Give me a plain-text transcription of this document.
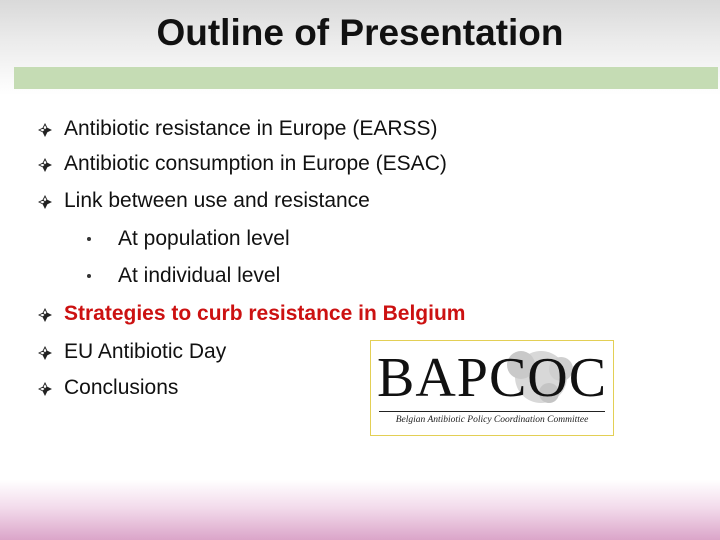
Outline of Presentation
Antibiotic resistance in Europe (EARSS)
Antibiotic consumption in Europe (ESAC)
Link between use and resistance
At population level
At individual level
Strategies to curb resistance in Belgium
EU Antibiotic Day
Conclusions	BAPCOC
Belgian Antibiotic Policy Coordination Committee
